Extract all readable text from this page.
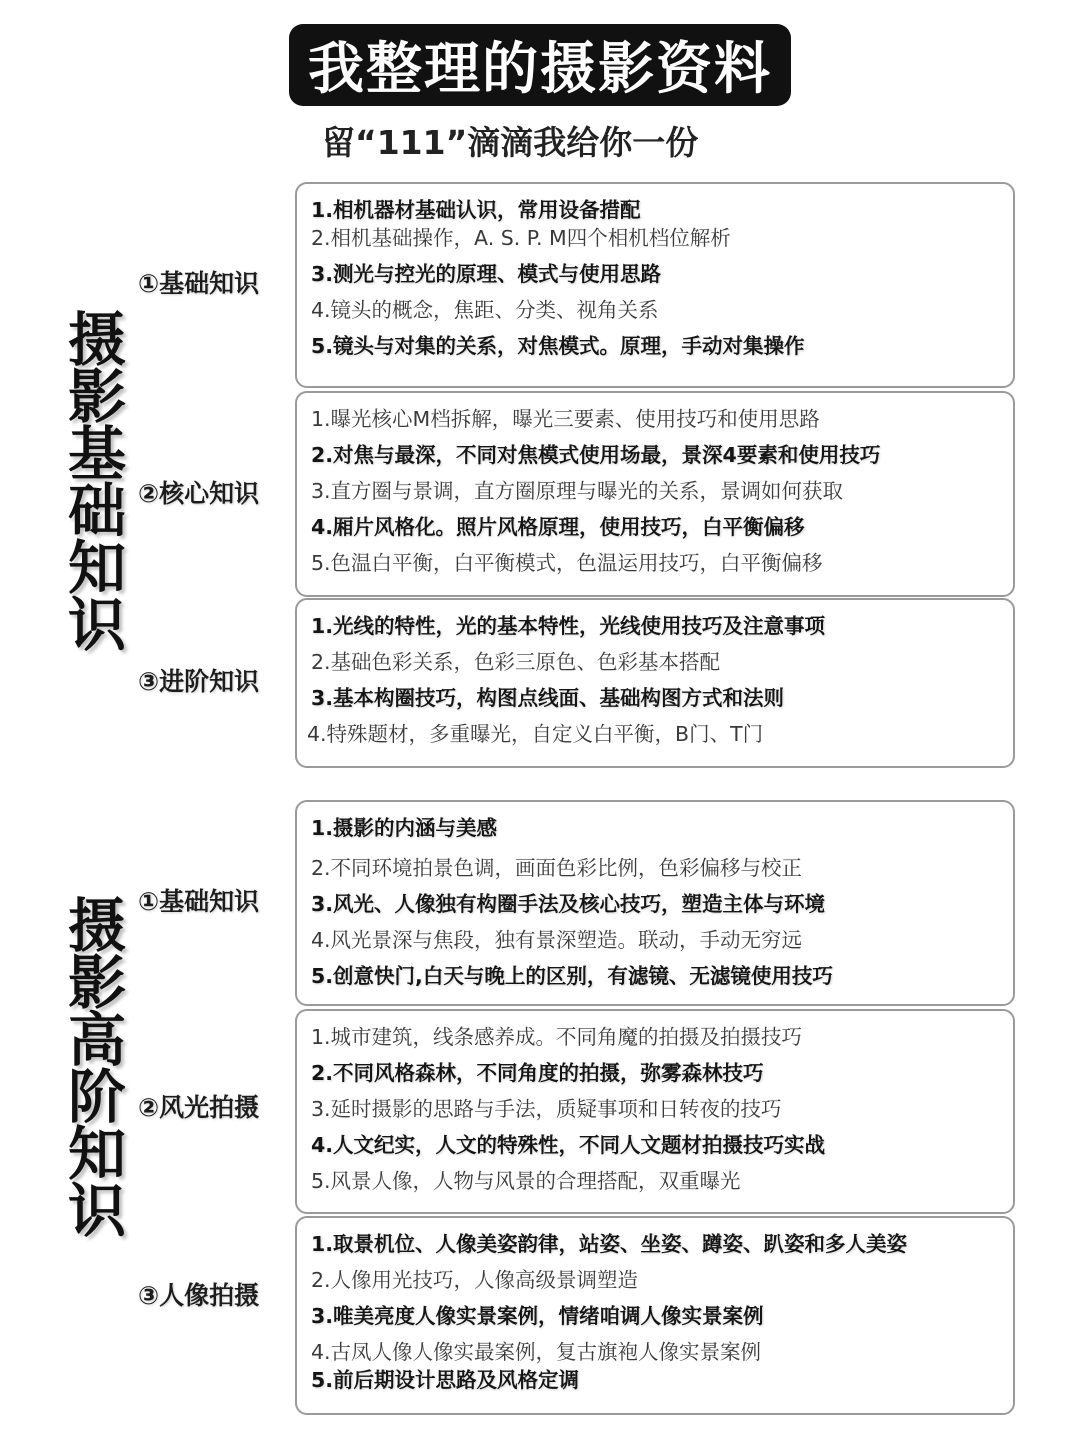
我整理的摄影资料
留“111”滴滴我给你一份
摄影基础知识
①基础知识
1.相机器材基础认识，常用设备措配
2.相机基础操作，A. S. P. M四个相机档位解析
3.测光与控光的原理、模式与使用思路
4.镜头的概念，焦距、分类、视角关系
5.镜头与对集的关系，对焦模式。原理，手动对集操作
②核心知识
1.曝光核心M档拆解，曝光三要素、使用技巧和使用思路
2.对焦与最深，不同对焦模式使用场最，景深4要素和使用技巧
3.直方圈与景调，直方圈原理与曝光的关系，景调如何获取
4.厢片风格化。照片风格原理，使用技巧，白平衡偏移
5.色温白平衡，白平衡模式，色温运用技巧，白平衡偏移
③进阶知识
1.光线的特性，光的基本特性，光线使用技巧及注意事项
2.基础色彩关系，色彩三原色、色彩基本搭配
3.基本构圈技巧，构图点线面、基础构图方式和法则
4.特殊题材，多重曝光，自定义白平衡，B门、T门
摄影高阶知识
①基础知识
1.摄影的内涵与美感
2.不同环境拍景色调，画面色彩比例，色彩偏移与校正
3.风光、人像独有构圈手法及核心技巧，塑造主体与环境
4.风光景深与焦段，独有景深塑造。联动，手动无穷远
5.创意快门,白天与晚上的区别，有滤镜、无滤镜使用技巧
②风光拍摄
1.城市建筑，线条感养成。不同角魔的拍摄及拍摄技巧
2.不同风格森林，不同角度的拍摄，弥雾森林技巧
3.延时摄影的思路与手法，质疑事项和日转夜的技巧
4.人文纪实，人文的特殊性，不同人文题材拍摄技巧实战
5.风景人像，人物与风景的合理搭配，双重曝光
③人像拍摄
1.取景机位、人像美姿韵律，站姿、坐姿、蹲姿、趴姿和多人美姿
2.人像用光技巧，人像高级景调塑造
3.唯美亮度人像实景案例，情绪咱调人像实景案例
4.古凤人像人像实最案例，复古旗袍人像实景案例
5.前后期设计思路及风格定调
